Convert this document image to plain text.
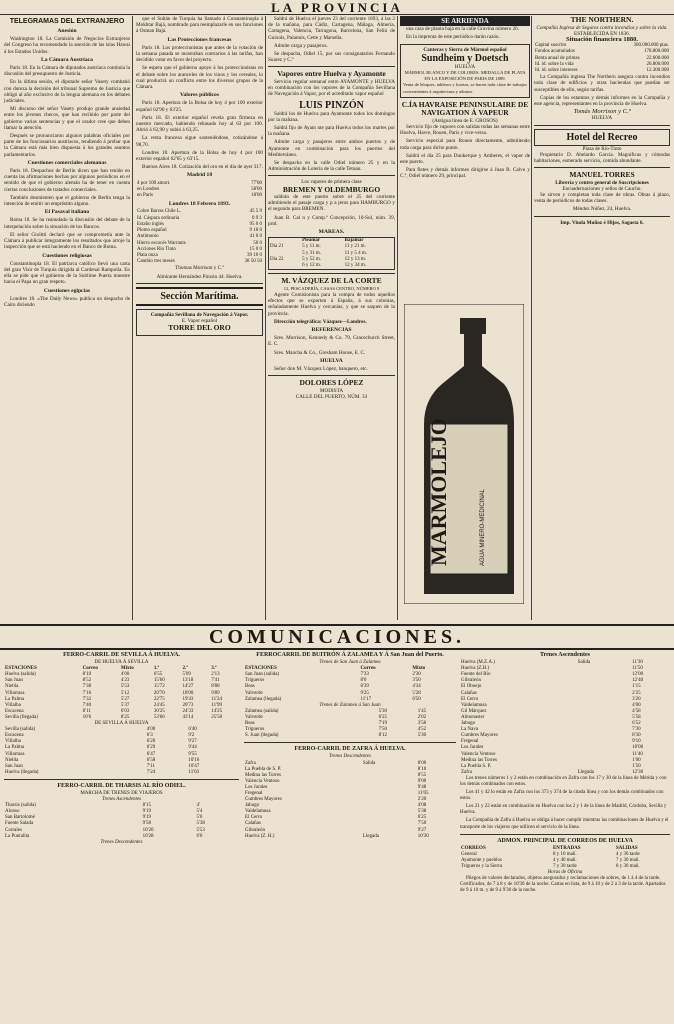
LA PROVINCIA
TELEGRAMAS DEL EXTRANJERO
Anesión

Washington 18. La Comisión de Negocios Extranjeros del Congreso ha recomendado la anexión de las islas Hawai á los Estados Unidos.

La Cámara Austriaca

Paris 18. En la Cámara de diputados austriaca continúa la discusión del presupuesto de Justicia.

En la última sesión, el diputado señor Vasety combatió con dureza la decisión del tribunal Supremo de Justicia que obligó al año exclusivo de la lengua alemana en los debates judiciales.

Mi discurso del señor Vasety produjo grande ansiedad entre los jóvenes checos, que han recibido por parte del gobierno varias sentencias y que el orador cree que deben llamar la atención.

Después se pronunciaron algunos palabras oficiales por parte de los funcionarios austriacos, tendiendo á probar que la Cámara está más bien dispuesta á los grandes asuntos parlamentarios.

Cuestiones comerciales alemanas

Paris 18. Despachos de Berlín dicen que han tenido en cuenta las afirmaciones hechas por algunos periódicos en el sentido de que el gobierno alemán ha de tener en cuenta ciertas conclusiones de tratados comerciales.

También desmienten que el gobierno de Berlín tenga la intención de emitir un empréstito alguno.

El Pasaval italiano

Roma 18. Se ha reanudado la discusión del debate de la interpelación sobre la situación de los Bancos.

El señor Giolitti declaró que se comprometía ante la Cámara á publicar íntegramente los resultados que arroje la inspección que se está haciendo en el Banco de Roma.

Cuestiones religiosas

Constantinopla 18. El patriarca católico llevó una carta del gran Visir de Turquía dirigida al Cardenal Rampolla. En ella se pide que el gobierno de la Sublime Puerta muestre hacia el Papa un gran respeto.

Cuestiones egipcias

Londres 18. «The Daily News» publica un despacho de Cairo diciendo

que el Sultán de Turquía ha llamado á Constantinopla á Mokhtar Bajá, nombrado para reemplazarle en sus funciones á Osman Bajá.

Las Protecciones francesas

Paris 18. Los proteccionistas que antes de la votación de la semana pasada se mostraban contrarios á las tarifas, han decidido votar en favor del proyecto.

Se espera que el gobierno apoye á los proteccionistas en el debate sobre los aranceles de los vinos y los cereales, lo cual producirá un conflicto entre los diversos grupos de la Cámara.

Valores públicos

Paris 18. Apertura de la Bolsa de hoy 4 por 100 exterior español 62'90 y 63'25.

Paris 18. El exterior español revela gran firmeza en nuestro mercado, habiendo rebasado hoy al 63 por 100. Abrió á 62,90 y subió á 63,25.

La renta francesa sigue sosteniéndose, cotizándose á 98,70.

Londres 18. Apertura de la Bolsa de hoy 4 por 100 exterior español 62'65 y 63'15.

Buenos Aires 18. Cotización del oro en el día de ayer 317.

Madrid 18
4 por 100 amort.	77'00
en Londres	58'00
en Paris	18'00
Londres 18 Febrero 1893.
Cobre Barras Chile L.	45 5 9
Id. Cáspara ordinaria	0 9 3
Estaño inglés	95 0 0
Plomo español	9 10 0
Antimonio	41 0 0
Hierro escocés Warrants	50 0
Acciones Río Tinto	15 0 0
Plata onza	39 10 0
Cambio tres meses	38 50 50

Thomas Morrison y C.ª

Almirante Hernández Pinzón 44. Huelva.

Sección Marítima.
Compañía Sevillana de Navegación á Vapor.
E. Vapor español
TORRE DEL ORO

Saldrá de Huelva el jueves 23 del corriente 1893, á las 2 de la mañana, para Cádiz, Cartagena, Málaga, Almería, Cartagena, Valencia, Tarragona, Barcelona, San Feliú de Guixols, Palamós, Cette y Marsella.

Admite carga y pasajeros.

Se despacha, Odiel 15, por sus consignatarios Fernando Suarez y C.ª

Vapores entre Huelva y Ayamonte

Servicio regular semanal entre AYAMONTE y HUELVA en combinación con los vapores de la Compañía Sevillana de Navegación á Vapor, por el acreditado vapor español

LUIS PINZÓN

Saldrá los de Huelva para Ayamonte todos los domingos por la mañana.

Saldrá fijo de Ayam nte para Huelva todos los martes por la mañana.

Admite carga y pasajeros entre ambos puertos y de Ayamonte en combinación para los puertos del Mediterráneo.

Se despacha en la calle Odiel número 25 y en la Administración de Loteria de la calle Tetuan.

Los vapores de primera clase
BREMEN Y OLDEMBURGO

saldrán de este puerto sobre el 25 del corriente admitiendo el pasaje carga y p a jeros para HAMBURGO y el segundo para BREMEN.

Juan B. Cal n y Comp.ª Concepción, 10-Sol, núm. 39, prnl.

MAREAS.
	Pleamar	Bajamar
Día 21	5 y 11 m.	11 y 21 m.
	5 y 31 m.	11 y 5 4 m.
Día 22	5 y 52 m.	12 y 13 m.
	6 y 12 m.	12 y 34 m.
M. VÁZQUEZ DE LA CORTE
12, PESCADERÍA, CASAS CENTRO, NÚMERO 9

Agente Comisionista para la compra de todos aquellos efectos que se exporten á España, á sus colonias, señaladamente Huelva y cercanías, y que se saquen de la provincia.

Dirección telegráfica: Vázquez—Londres.

REFERENCIAS

Sres. Morrison, Kennedy & Co. 79, Gracechurch Street, E. C.

Sres. Mancha & Co., Gresham House, E. C.

HUELVA

Señor don M. Vázquez López, banquero, etc.

DOLORES LÓPEZ
MODISTA
CALLE DEL PUERTO, NÚM. 33
SE ARRIENDA

una casa de planta baja en la calle Gravina número 26.

En la imprenta de este periódico darán razón.

Canteras y Sierra de Mármol español
Sundheim y Doetsch
HUELVA
MÁRMOL BLANCO Y DE COLORES. MEDALLA DE PLATA EN LA EXPOSICIÓN DE PARIS DE 1889.
Venta de bloques, tableros y losetas, se hacen toda clase de trabajos concernientes á arquitectura y adorno.
C.ÍA HAVRAISE PENINSULAIRE DE NAVIGATION Á VAPEUR
(Antigua línea de E. GROSOS)

Servicio fijo de vapores con salidas todas las semanas entre Huelva, Havre, Rouen, París y vice-versa.

Servicio especial para Rouen directamente, admitiendo toda carga para dicho punto.

Saldrá el día 25 para Dunkerque y Amberes, el vapor de este puerto.

Para fletes y demás informes dirigirse á Juan B. Calvo y C.ª, Odiel número 29, principal.

MARMOLEJO	AGUA MINERO-MEDICINAL
THE NORTHERN.
Compañía Inglesa de Seguros contra incendios y sobre la vida.
ESTABLECIDA EN 1836.
Situación financiera 1880.
Capital suscrito	300.000.000 ptas.
Fondos acumulados	178.800.000
Renta anual de primas	22.600.000
Id. id. sobre la vida	26.800.000
Id. id. sobre intereses	12.300.000

La Compañía inglesa The Northern asegura contra incendios toda clase de edificios y otras haciendas que puedan ser susceptibles de ello, según tarifas.

Copias de los estatutos y demás informes en la Compañía y este agencia, representantes en la provincia de Huelva.

Tomás Morrison y C.ª
HUELVA
Hotel del Recreo
Plaza de Río-Tinto

Propietario D. Abelardo García. Magníficas y cómodas habitaciones, esmerado servicio, comida abundante.

MANUEL TORRES
Librería y centro general de Suscripciones
Encuadernaciones y sellos de Caucho.

Se sirven y completan toda clase de obras. Obras á plazo, venta de periódicos de todas clases.

Méndez Núñez, 24, Huelva.
Imp. Viuda Muñoz é Hijos, Sagasta 6.
COMUNICACIONES.
FERRO-CARRIL DE SEVILLA Á HUELVA.
DE HUELVA Á SEVILLA
ESTACIONES	Correo	Mixto	1.ª	2.ª	3.ª
Huelva (salida)	8'10	4'00	6'55	5'09	2'13
San Juan	8'52	4'23	15'60	13'18	7'41
Niebla	7'38	5'53	15'72	14'27	8'88
Villarrasa	7'16	5'12	20'70	18'00	9'89
La Palma	7'32	5'27	22'75	19'43	11'24
Villalba	7'40	5'37	24'45	20'73	11'99
Escacena	8'11	6'03	30'25	24'33	14'25
Sevilla (llegada)	10'6	8'25	53'66	43'14	25'50
DE SEVILLA Á HUELVA
Sevilla (salida)	4'00	6'40
Escacena	6'3	9'2
Villalba	6'20	9'27
La Palma	6'29	9'44
Villarrasa	6'47	9'55
Niebla	6'58	10'16
San Juan	7'11	10'47
Huelva (llegada)	7'24	11'03
FERRO-CARRIL DE THARSIS AL RÍO ODIEL.
MARCHA DE TRENES DE VIAJEROS
Trenes Ascendentes
Tharsis (salida)	8'15	4'
Alonso	9'19	5'4
San Bartolomé	9'19	5'0
Fuente Salada	9'58	5'38
Corrales	10'20	5'53
La Puntalita	10'28	6'0
Trenes Descendentes
FERROCARRIL DE BUITRÓN Á ZALAMEA Y Á San Juan del Puerto.
Trenes de San Juan á Zalamea
ESTACIONES	Correo	Mixto
San Juan (salida)	7'33	2'30
Trigueros	8'0	3'50
Beas	8'39	4'34
Valverde	9'25	5'28
Zalamea (llegada)	11'17	6'50
Trenes de Zalamea á San Juan
Zalamea (salida)	5'30	1'45
Valverde	6'25	2'02
Beas	7'19	3'58
Trigueros	7'50	4'52
S. Juan (llegada)	8'12	5'30
FERRO-CARRIL DE ZAFRA Á HUELVA.
Trenes Descendentes
Zafra	Salida	8'00
La Puebla de S. P.		8'10
Medina las Torres		8'55
Valencia Ventoso		9'00
Los Jarales		9'48
Fregenal		11'05
Cumbres Mayores		2'20
Jabugo		4'08
Valdelamusa		5'38
El Cerro		6'25
Calañas		7'50
Gibraleón		9'27
Huelva (Z. H.)	Llegada	10'30
Trenes Ascendentes
Huelva (M.Z.A.)	Salida	11'30
Huelva (Z.H.)		11'50
Fuente del Río		12'00
Gibraleón		12'40
El Oboejo		1'15
Calañas		2'25
El Cerro		3'20
Valdelamusa		4'00
Gil Márquez		4'58
Almonaster		5'58
Jabugo		6'52
La Nava		7'30
Cumbres Mayores		8'30
Fregenal		9'10
Los Jarales		10'00
Valencia Ventoso		11'40
Medina las Torres		1'00
La Puebla S. P.		1'50
Zafra	Llegada	12'30

Los trenes números 1 y 2 están en combinación en Zafra con los 17 y 30 de la línea de Mérida y con los demás combinados con estos.

Los 41 y 42 lo están en Zafra con los 373 y 374 de la citada línea y con los demás combinados con estos.

Los 21 y 22 están en combinación en Huelva con los 2 y 1 de la línea de Madrid, Córdoba, Sevilla y Huelva.

La Compañía de Zafra á Huelva se obliga á hacer cumplir mientras las combinaciones de Huelva y el transporte de los viajeros que utilicen el servicio de la línea.

ADMON. PRINCIPAL DE CORREOS DE HUELVA
CORREOS	ENTRADAS	SALIDAS
General	8 y 10 mañ.	4 y 30 tarde
Ayamonte y pueblos	4 y 40 mañ.	7 y 30 mañ.
Trigueros y la Sierra	7 y 30 tarde	8 y 30 mañ.
Horas de Oficina

Pliegos de valores declarados, objetos asegurados y reclamaciones de sobres, de 1 á 4 de la tarde. Certificados, de 7 á 8 y de 10'30 de la noche. Cartas en lista, de 9 á 10 y de 2 á 3 de la tarde. Apartados de 9 á 10 m. y de 9 á 9'30 de la noche.
